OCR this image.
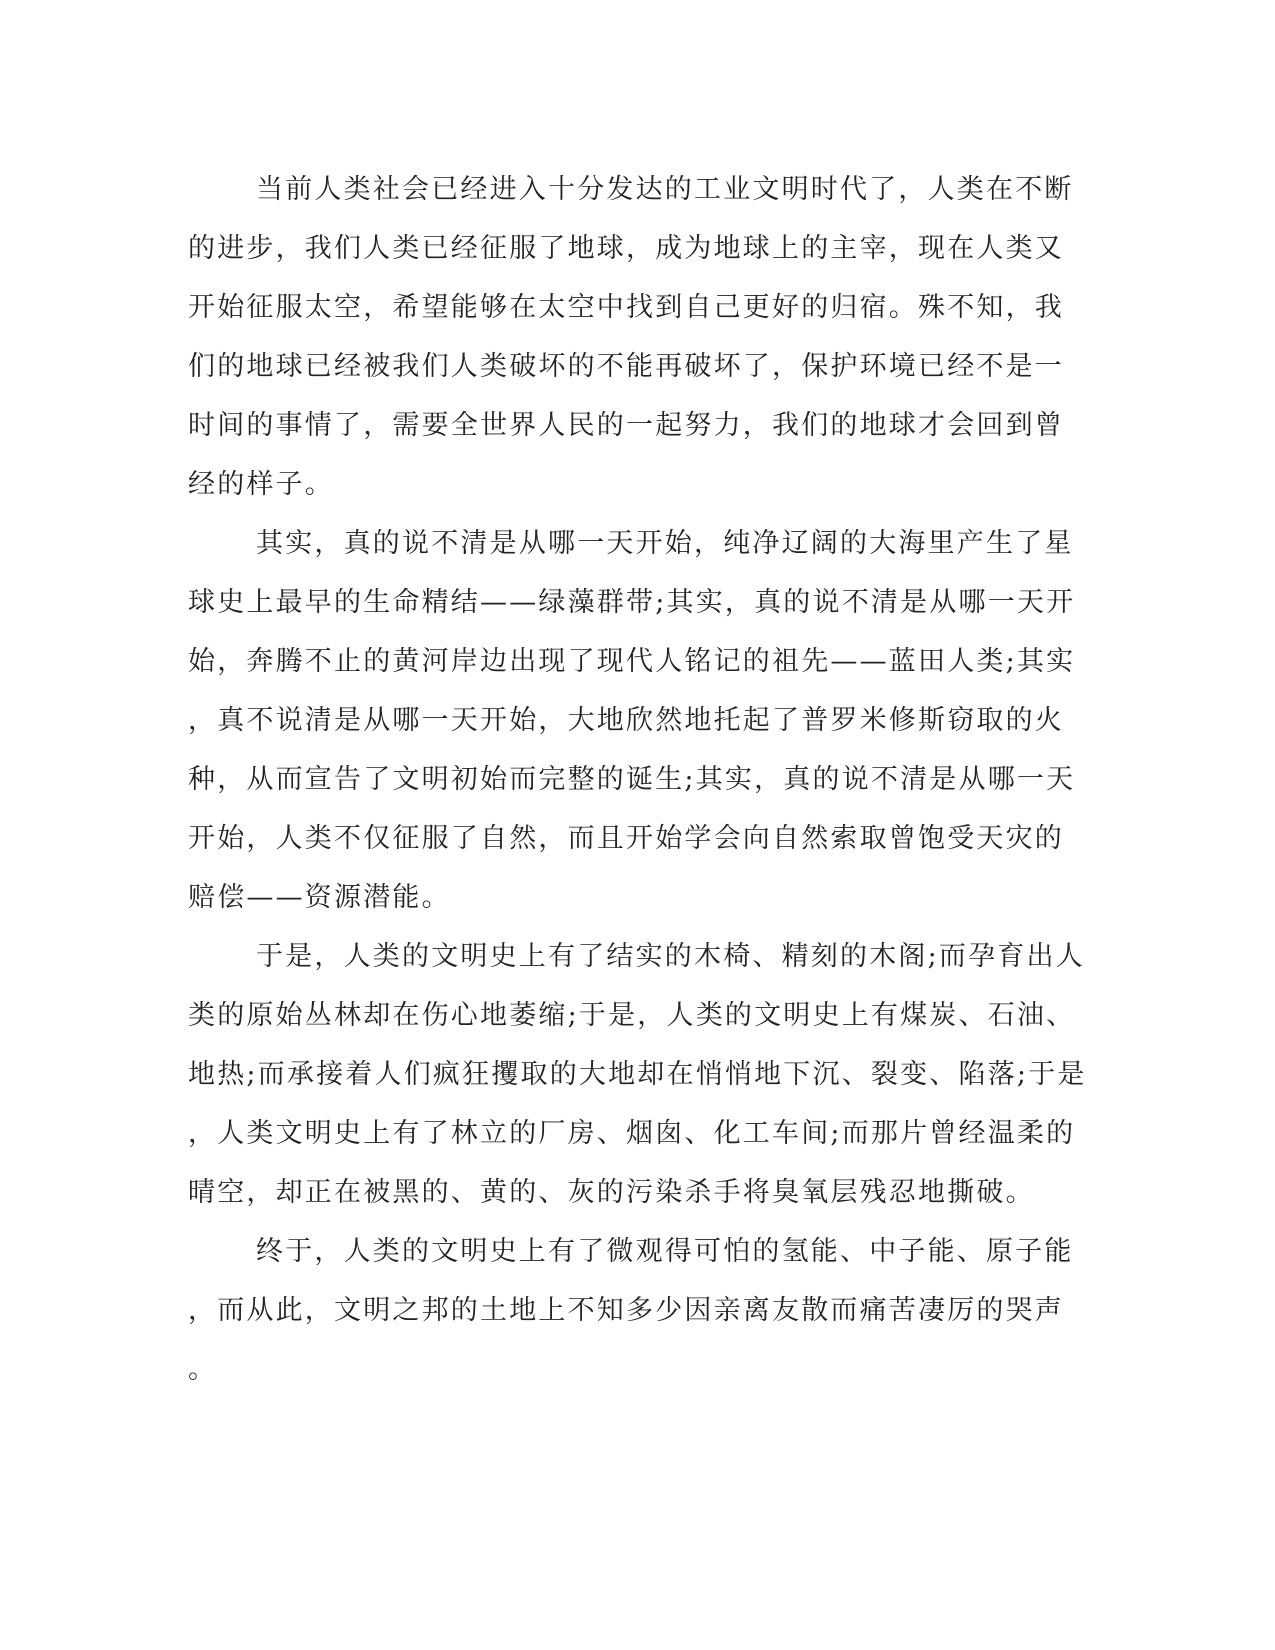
当前人类社会已经进入十分发达的工业文明时代了，人类在不断
的进步，我们人类已经征服了地球，成为地球上的主宰，现在人类又
开始征服太空，希望能够在太空中找到自己更好的归宿。殊不知，我
们的地球已经被我们人类破坏的不能再破坏了，保护环境已经不是一
时间的事情了，需要全世界人民的一起努力，我们的地球才会回到曾
经的样子。
其实，真的说不清是从哪一天开始，纯净辽阔的大海里产生了星
球史上最早的生命精结——绿藻群带;其实，真的说不清是从哪一天开
始，奔腾不止的黄河岸边出现了现代人铭记的祖先——蓝田人类;其实
，真不说清是从哪一天开始，大地欣然地托起了普罗米修斯窃取的火
种，从而宣告了文明初始而完整的诞生;其实，真的说不清是从哪一天
开始，人类不仅征服了自然，而且开始学会向自然索取曾饱受天灾的
赔偿——资源潜能。
于是，人类的文明史上有了结实的木椅、精刻的木阁;而孕育出人
类的原始丛林却在伤心地萎缩;于是，人类的文明史上有煤炭、石油、
地热;而承接着人们疯狂攫取的大地却在悄悄地下沉、裂变、陷落;于是
，人类文明史上有了林立的厂房、烟囱、化工车间;而那片曾经温柔的
晴空，却正在被黑的、黄的、灰的污染杀手将臭氧层残忍地撕破。
终于，人类的文明史上有了微观得可怕的氢能、中子能、原子能
，而从此，文明之邦的土地上不知多少因亲离友散而痛苦凄厉的哭声
。
